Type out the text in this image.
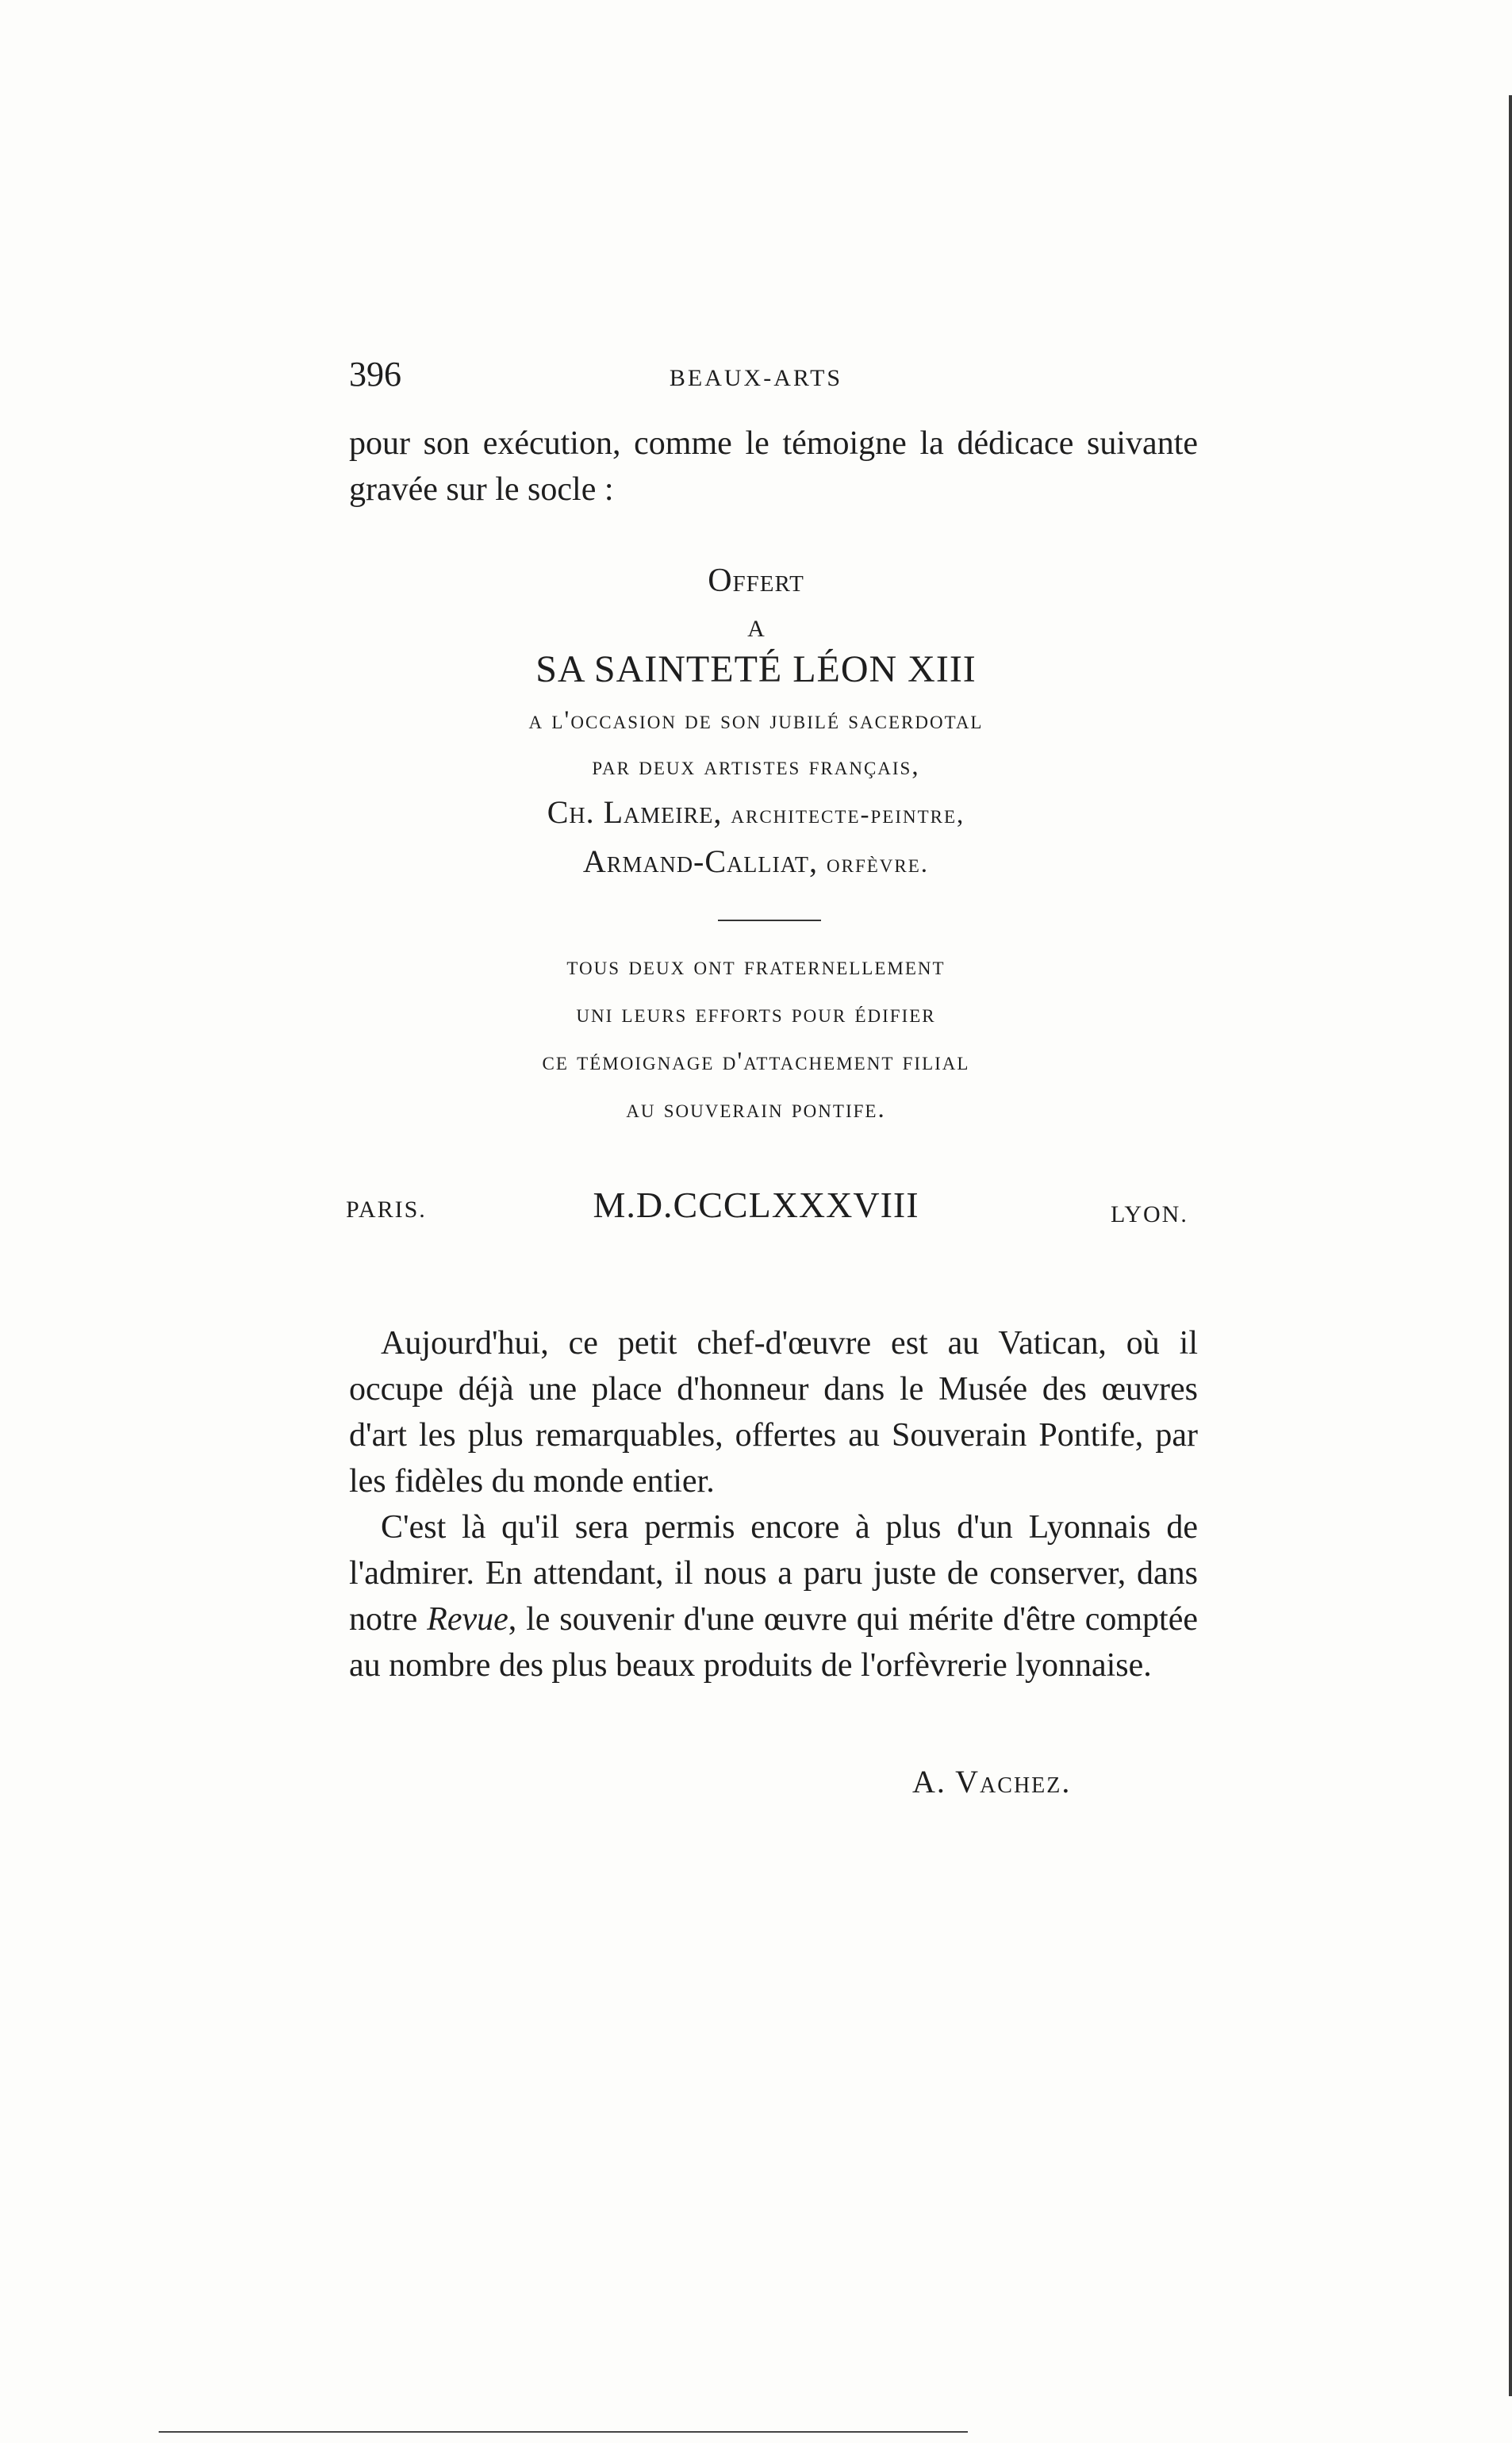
396	BEAUX-ARTS
pour son exécution, comme le témoigne la dédicace suivante gravée sur le socle :
Offert
A
SA SAINTETÉ LÉON XIII
a l'occasion de son jubilé sacerdotal
par deux artistes français,
Ch. Lameire, architecte-peintre,
Armand-Calliat, orfèvre.
tous deux ont fraternellement
uni leurs efforts pour édifier
ce témoignage d'attachement filial
au souverain pontife.
PARIS.	M.D.CCCLXXXVIII	LYON.
Aujourd'hui, ce petit chef-d'œuvre est au Vatican, où il occupe déjà une place d'honneur dans le Musée des œuvres d'art les plus remarquables, offertes au Souverain Pontife, par les fidèles du monde entier.
C'est là qu'il sera permis encore à plus d'un Lyonnais de l'admirer. En attendant, il nous a paru juste de conserver, dans notre Revue, le souvenir d'une œuvre qui mérite d'être comptée au nombre des plus beaux produits de l'orfèvrerie lyonnaise.
A. Vachez.
